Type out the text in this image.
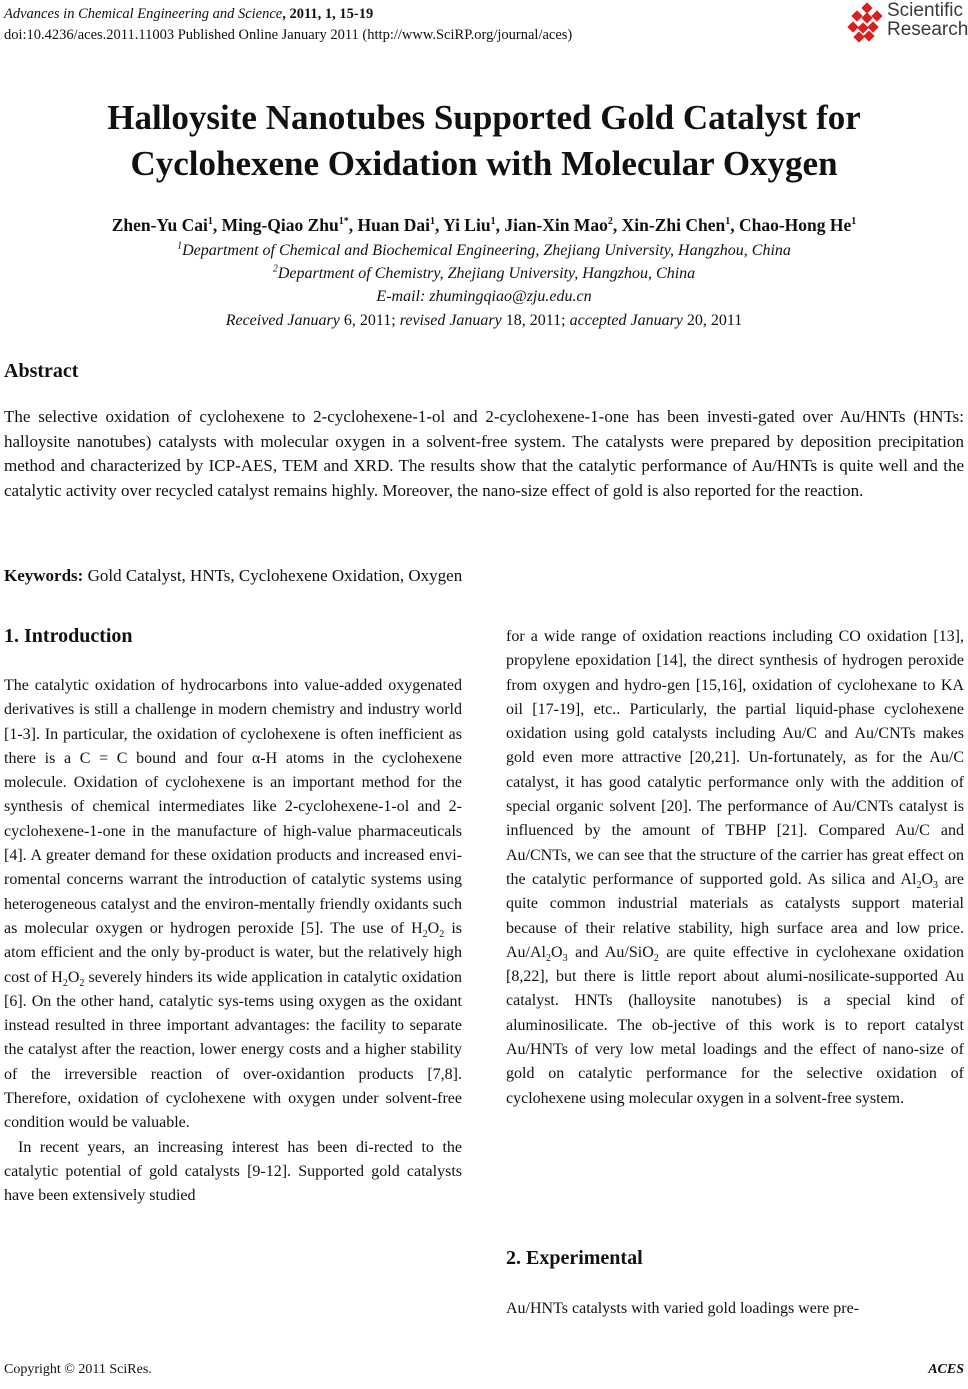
Advances in Chemical Engineering and Science, 2011, 1, 15-19
doi:10.4236/aces.2011.11003 Published Online January 2011 (http://www.SciRP.org/journal/aces)
Scientific
Research
Halloysite Nanotubes Supported Gold Catalyst for
Cyclohexene Oxidation with Molecular Oxygen
Zhen-Yu Cai$^1$, Ming-Qiao Zhu$^{1*}$, Huan Dai$^1$, Yi Liu$^1$, Jian-Xin Mao$^2$, Xin-Zhi Chen$^1$, Chao-Hong He$^1$
$^1$Department of Chemical and Biochemical Engineering, Zhejiang University, Hangzhou, China
$^2$Department of Chemistry, Zhejiang University, Hangzhou, China
E-mail: zhumingqiao@zju.edu.cn
Received January 6, 2011; revised January 18, 2011; accepted January 20, 2011
Abstract
The selective oxidation of cyclohexene to 2-cyclohexene-1-ol and 2-cyclohexene-1-one has been investi-gated over Au/HNTs (HNTs: halloysite nanotubes) catalysts with molecular oxygen in a solvent-free system. The catalysts were prepared by deposition precipitation method and characterized by ICP-AES, TEM and XRD. The results show that the catalytic performance of Au/HNTs is quite well and the catalytic activity over recycled catalyst remains highly. Moreover, the nano-size effect of gold is also reported for the reaction.
Keywords: Gold Catalyst, HNTs, Cyclohexene Oxidation, Oxygen
1. Introduction

The catalytic oxidation of hydrocarbons into value-added oxygenated derivatives is still a challenge in modern chemistry and industry world [1-3]. In particular, the oxidation of cyclohexene is often inefficient as there is a C = C bound and four α-H atoms in the cyclohexene molecule. Oxidation of cyclohexene is an important method for the synthesis of chemical intermediates like 2-cyclohexene-1-ol and 2-cyclohexene-1-one in the manufacture of high-value pharmaceuticals [4]. A greater demand for these oxidation products and increased envi-romental concerns warrant the introduction of catalytic systems using heterogeneous catalyst and the environ-mentally friendly oxidants such as molecular oxygen or hydrogen peroxide [5]. The use of $H_2O_2$ is atom efficient and the only by-product is water, but the relatively high cost of $H_2O_2$ severely hinders its wide application in catalytic oxidation [6]. On the other hand, catalytic sys-tems using oxygen as the oxidant instead resulted in three important advantages: the facility to separate the catalyst after the reaction, lower energy costs and a higher stability of the irreversible reaction of over-oxidantion products [7,8]. Therefore, oxidation of cyclohexene with oxygen under solvent-free condition would be valuable.

In recent years, an increasing interest has been di-rected to the catalytic potential of gold catalysts [9-12]. Supported gold catalysts have been extensively studied

for a wide range of oxidation reactions including CO oxidation [13], propylene epoxidation [14], the direct synthesis of hydrogen peroxide from oxygen and hydro-gen [15,16], oxidation of cyclohexane to KA oil [17-19], etc.. Particularly, the partial liquid-phase cyclohexene oxidation using gold catalysts including Au/C and Au/CNTs makes gold even more attractive [20,21]. Un-fortunately, as for the Au/C catalyst, it has good catalytic performance only with the addition of special organic solvent [20]. The performance of Au/CNTs catalyst is influenced by the amount of TBHP [21]. Compared Au/C and Au/CNTs, we can see that the structure of the carrier has great effect on the catalytic performance of supported gold. As silica and $Al_2O_3$ are quite common industrial materials as catalysts support material because of their relative stability, high surface area and low price. $Au/Al_2O_3$ and Au/SiO$_2$ are quite effective in cyclohexane oxidation [8,22], but there is little report about alumi-nosilicate-supported Au catalyst. HNTs (halloysite nanotubes) is a special kind of aluminosilicate. The ob-jective of this work is to report catalyst Au/HNTs of very low metal loadings and the effect of nano-size of gold on catalytic performance for the selective oxidation of cyclohexene using molecular oxygen in a solvent-free system.

2. Experimental
Au/HNTs catalysts with varied gold loadings were pre-
Copyright © 2011 SciRes.	ACES
